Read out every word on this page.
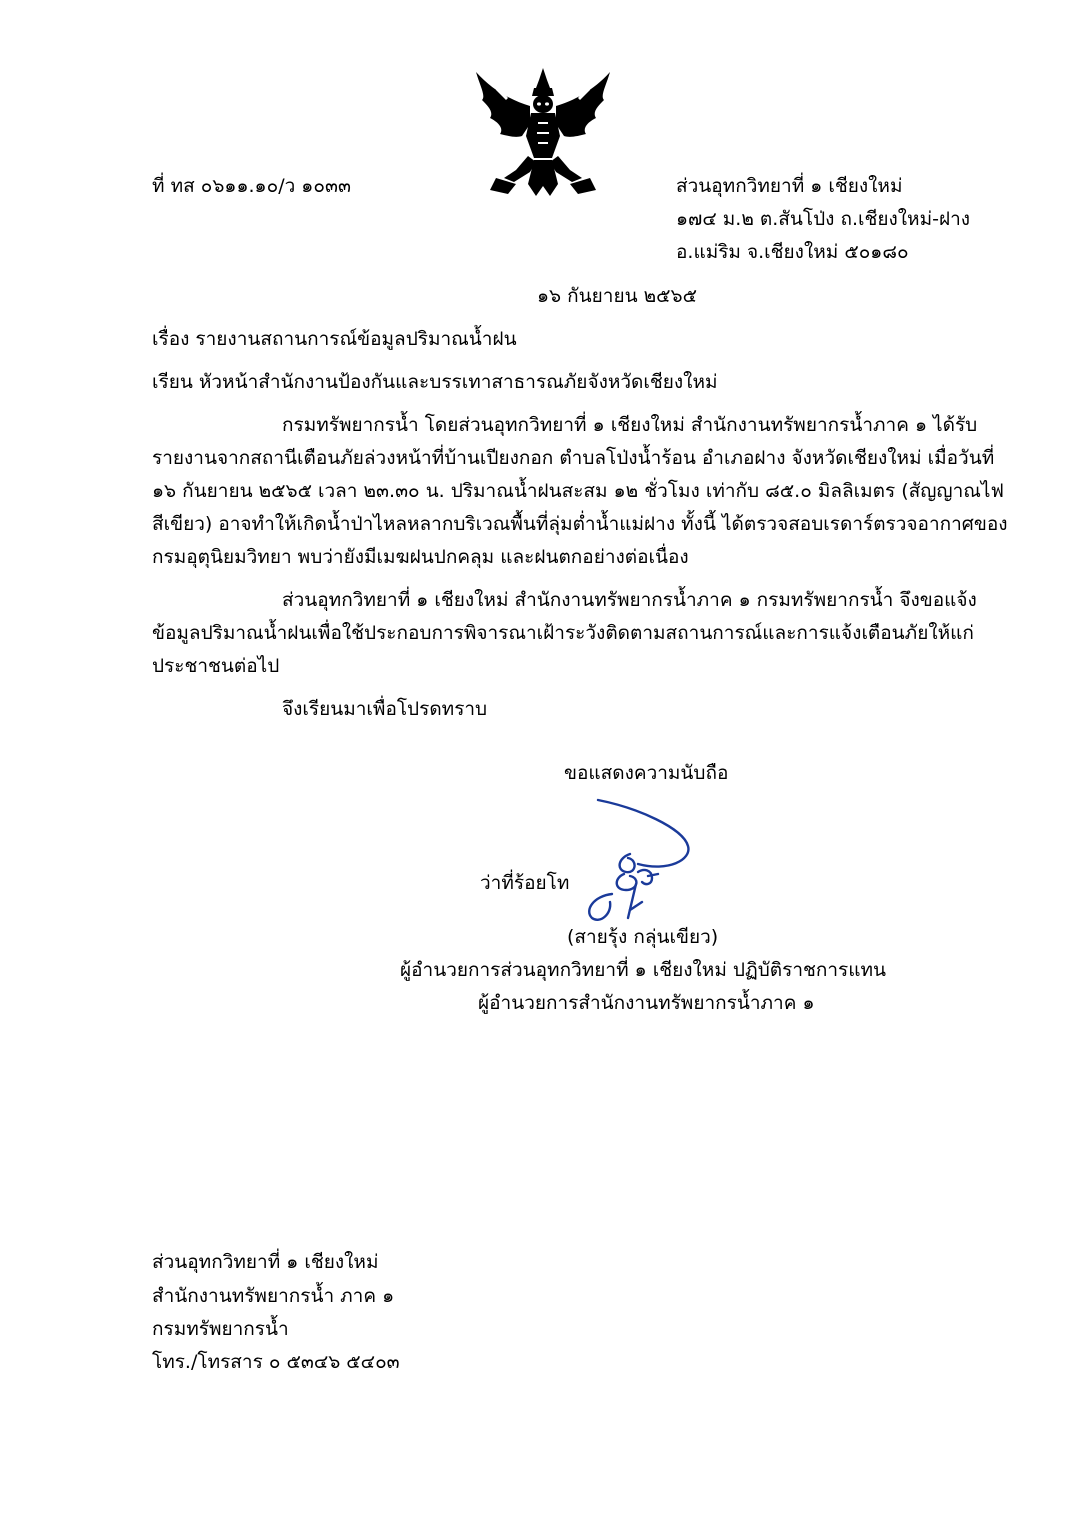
ที่ ทส ๐๖๑๑.๑๐/ว ๑๐๓๓	ส่วนอุทกวิทยาที่ ๑ เชียงใหม่
๑๗๔ ม.๒ ต.สันโป่ง ถ.เชียงใหม่-ฝาง
อ.แม่ริม จ.เชียงใหม่ ๕๐๑๘๐
๑๖ กันยายน ๒๕๖๕
เรื่อง รายงานสถานการณ์ข้อมูลปริมาณน้ำฝน
เรียน หัวหน้าสำนักงานป้องกันและบรรเทาสาธารณภัยจังหวัดเชียงใหม่
กรมทรัพยากรน้ำ โดยส่วนอุทกวิทยาที่ ๑ เชียงใหม่ สำนักงานทรัพยากรน้ำภาค ๑ ได้รับ
รายงานจากสถานีเตือนภัยล่วงหน้าที่บ้านเปียงกอก ตำบลโป่งน้ำร้อน อำเภอฝาง จังหวัดเชียงใหม่ เมื่อวันที่
๑๖ กันยายน ๒๕๖๕ เวลา ๒๓.๓๐ น. ปริมาณน้ำฝนสะสม ๑๒ ชั่วโมง เท่ากับ ๘๕.๐ มิลลิเมตร (สัญญาณไฟ
สีเขียว) อาจทำให้เกิดน้ำป่าไหลหลากบริเวณพื้นที่ลุ่มต่ำน้ำแม่ฝาง ทั้งนี้ ได้ตรวจสอบเรดาร์ตรวจอากาศของ
กรมอุตุนิยมวิทยา พบว่ายังมีเมฆฝนปกคลุม และฝนตกอย่างต่อเนื่อง
ส่วนอุทกวิทยาที่ ๑ เชียงใหม่ สำนักงานทรัพยากรน้ำภาค ๑ กรมทรัพยากรน้ำ จึงขอแจ้ง
ข้อมูลปริมาณน้ำฝนเพื่อใช้ประกอบการพิจารณาเฝ้าระวังติดตามสถานการณ์และการแจ้งเตือนภัยให้แก่
ประชาชนต่อไป
จึงเรียนมาเพื่อโปรดทราบ
ขอแสดงความนับถือ
ว่าที่ร้อยโท
(สายรุ้ง กลุ่นเขียว)
ผู้อำนวยการส่วนอุทกวิทยาที่ ๑ เชียงใหม่ ปฏิบัติราชการแทน
ผู้อำนวยการสำนักงานทรัพยากรน้ำภาค ๑
ส่วนอุทกวิทยาที่ ๑ เชียงใหม่
สำนักงานทรัพยากรน้ำ ภาค ๑
กรมทรัพยากรน้ำ
โทร./โทรสาร ๐ ๕๓๔๖ ๕๔๐๓
